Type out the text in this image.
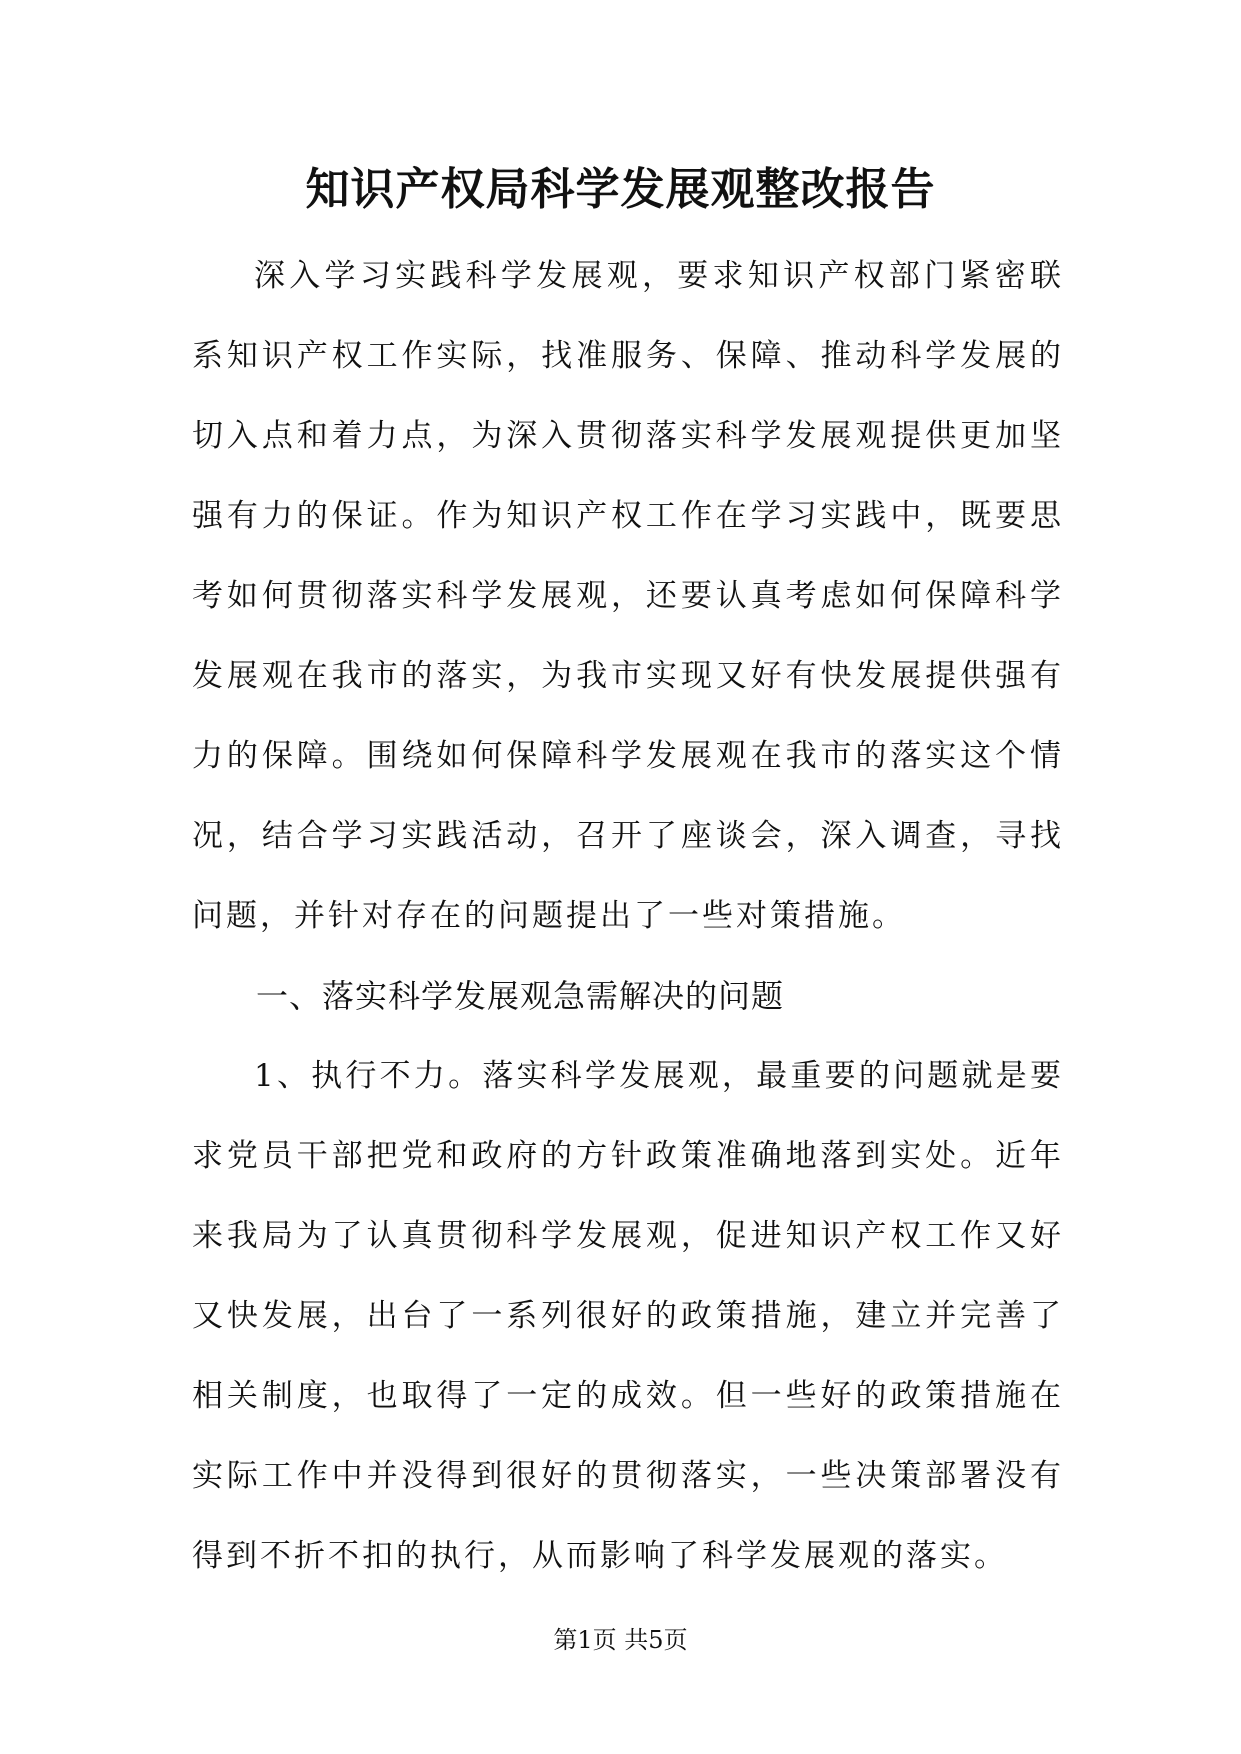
知识产权局科学发展观整改报告

深入学习实践科学发展观，要求知识产权部门紧密联系知识产权工作实际，找准服务、保障、推动科学发展的切入点和着力点，为深入贯彻落实科学发展观提供更加坚强有力的保证。作为知识产权工作在学习实践中，既要思考如何贯彻落实科学发展观，还要认真考虑如何保障科学发展观在我市的落实，为我市实现又好有快发展提供强有力的保障。围绕如何保障科学发展观在我市的落实这个情况，结合学习实践活动，召开了座谈会，深入调查，寻找问题，并针对存在的问题提出了一些对策措施。

一、落实科学发展观急需解决的问题

1、执行不力。落实科学发展观，最重要的问题就是要求党员干部把党和政府的方针政策准确地落到实处。近年来我局为了认真贯彻科学发展观，促进知识产权工作又好又快发展，出台了一系列很好的政策措施，建立并完善了相关制度，也取得了一定的成效。但一些好的政策措施在实际工作中并没得到很好的贯彻落实，一些决策部署没有得到不折不扣的执行，从而影响了科学发展观的落实。

第1页 共5页
